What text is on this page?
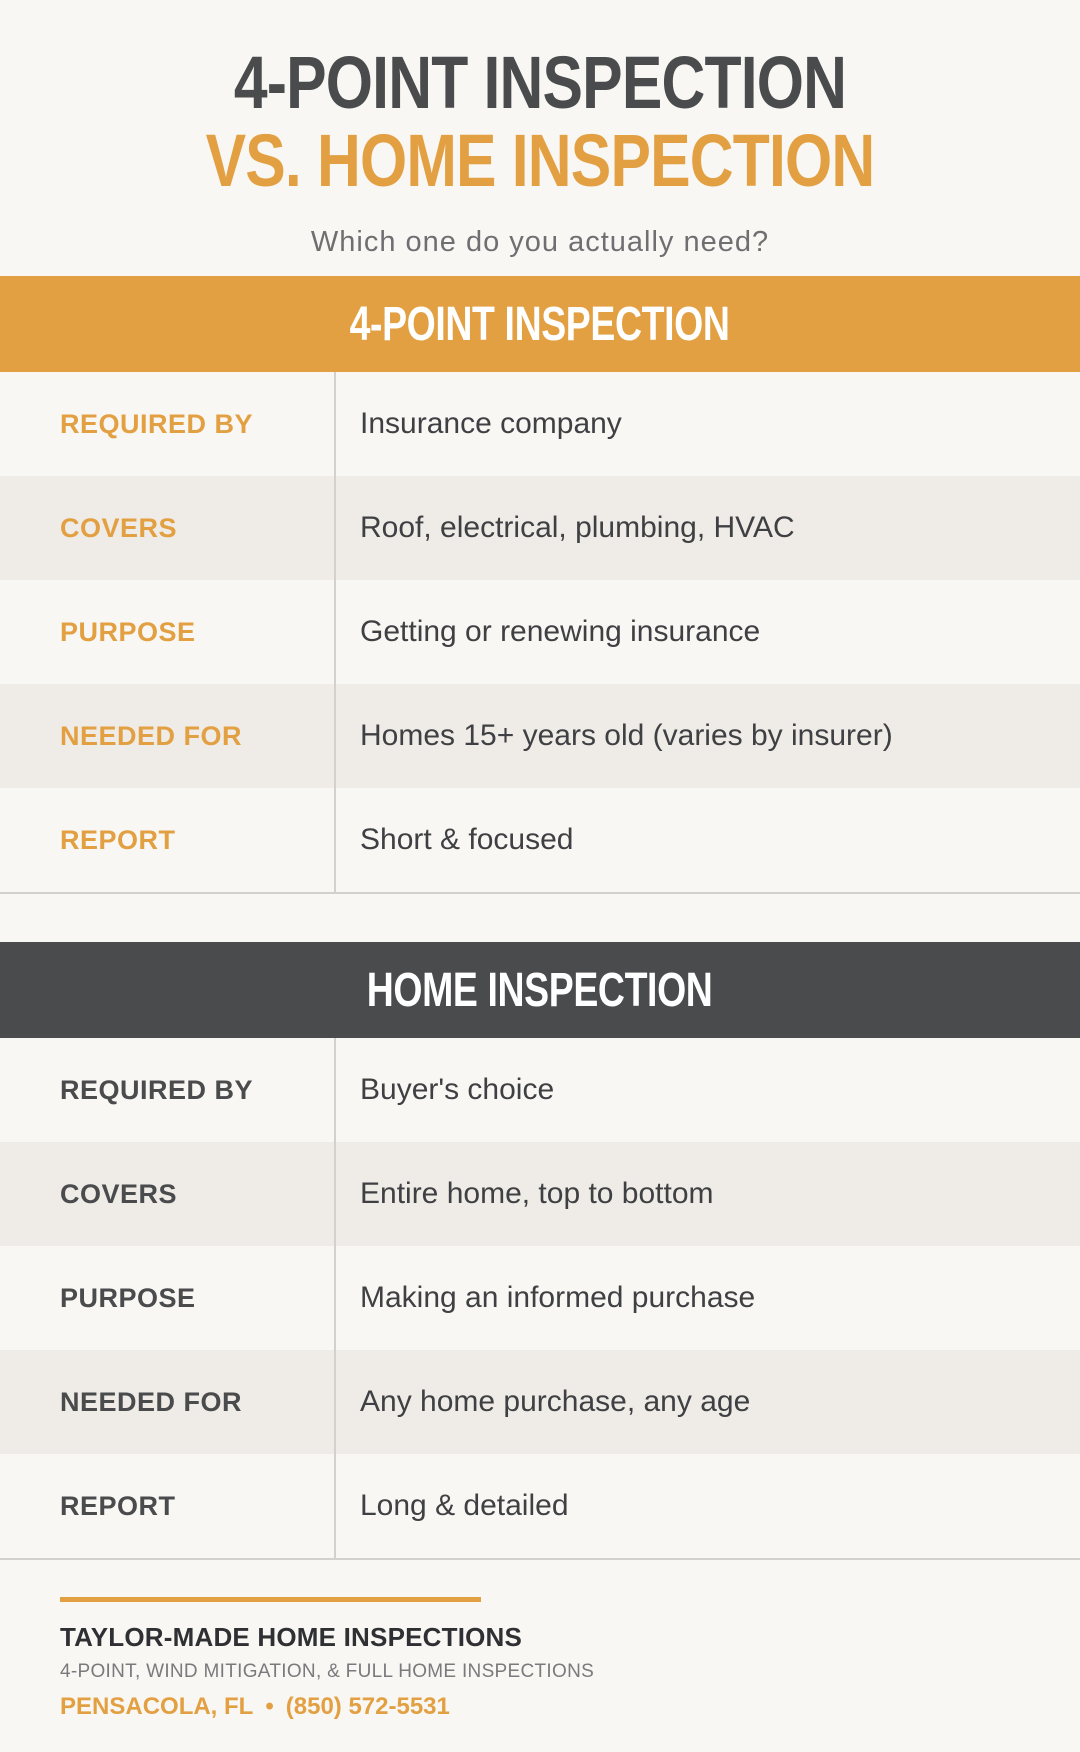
4-POINT INSPECTION
VS. HOME INSPECTION
Which one do you actually need?
4-POINT INSPECTION
REQUIRED BY	Insurance company
COVERS	Roof, electrical, plumbing, HVAC
PURPOSE	Getting or renewing insurance
NEEDED FOR	Homes 15+ years old (varies by insurer)
REPORT	Short & focused
HOME INSPECTION
REQUIRED BY	Buyer's choice
COVERS	Entire home, top to bottom
PURPOSE	Making an informed purchase
NEEDED FOR	Any home purchase, any age
REPORT	Long & detailed
TAYLOR-MADE HOME INSPECTIONS
4-POINT, WIND MITIGATION, & FULL HOME INSPECTIONS
PENSACOLA, FL • (850) 572-5531
